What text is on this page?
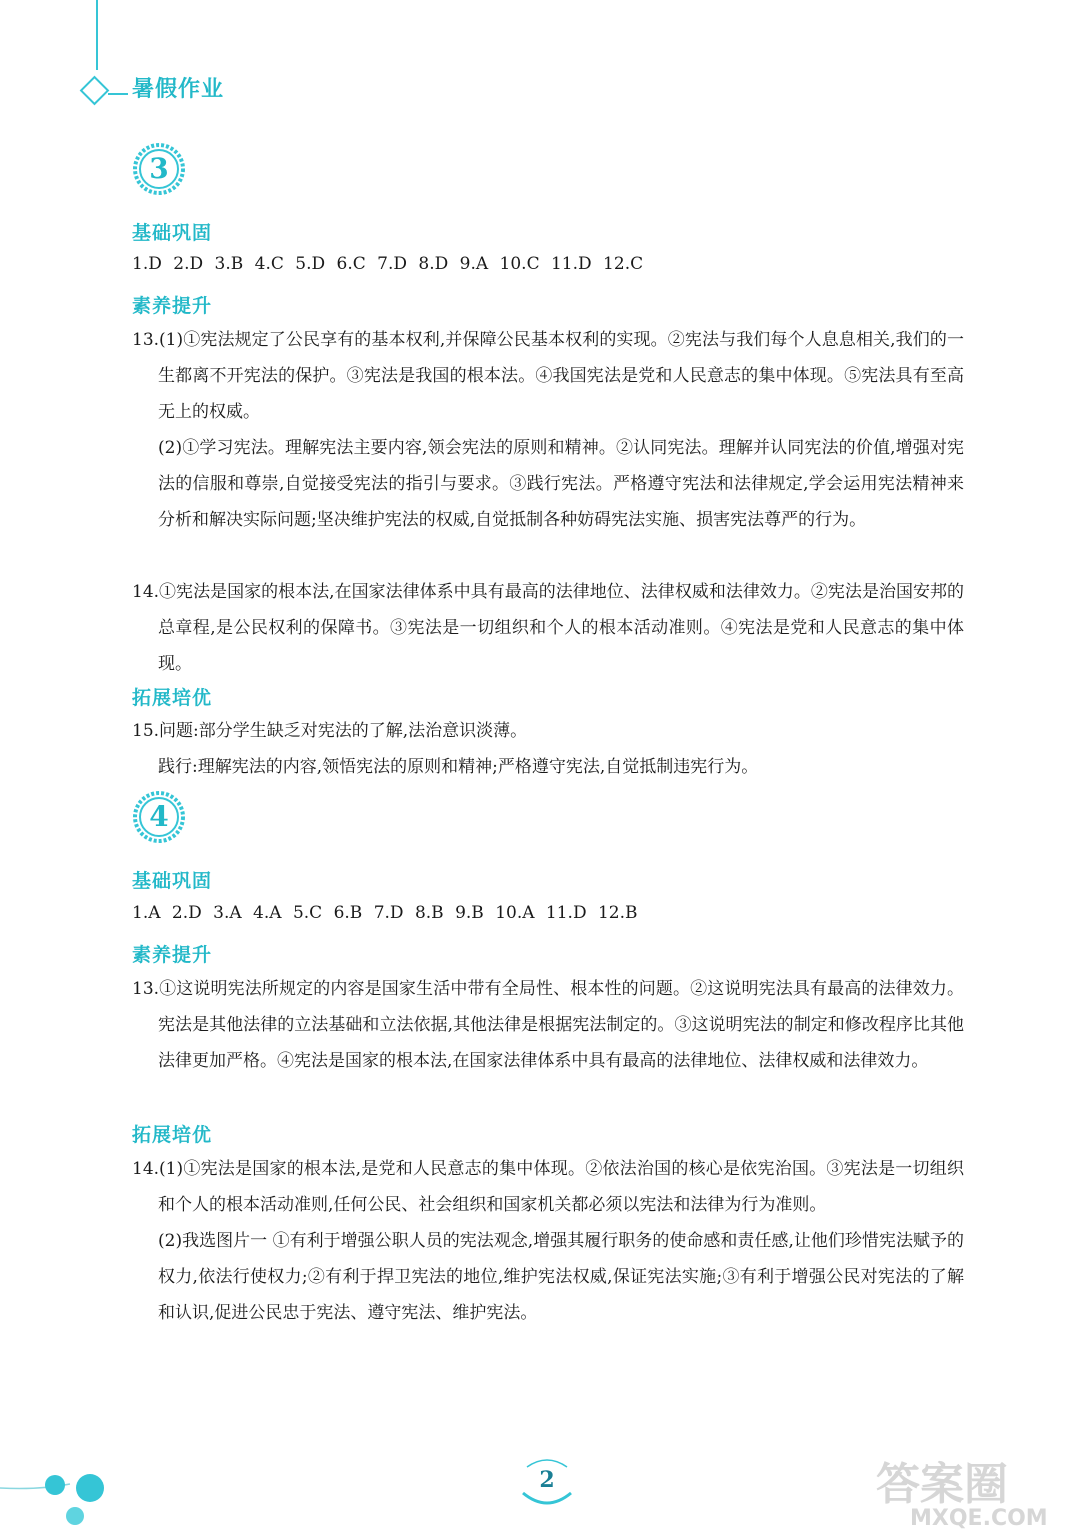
暑假作业
3
基础巩固
1.D 2.D 3.B 4.C 5.D 6.C 7.D 8.D 9.A 10.C 11.D 12.C
素养提升
13.(1)①宪法规定了公民享有的基本权利,并保障公民基本权利的实现。②宪法与我们每个人息息相关,我们的一生都离不开宪法的保护。③宪法是我国的根本法。④我国宪法是党和人民意志的集中体现。⑤宪法具有至高无上的权威。
(2)①学习宪法。理解宪法主要内容,领会宪法的原则和精神。②认同宪法。理解并认同宪法的价值,增强对宪法的信服和尊崇,自觉接受宪法的指引与要求。③践行宪法。严格遵守宪法和法律规定,学会运用宪法精神来分析和解决实际问题;坚决维护宪法的权威,自觉抵制各种妨碍宪法实施、损害宪法尊严的行为。
14.①宪法是国家的根本法,在国家法律体系中具有最高的法律地位、法律权威和法律效力。②宪法是治国安邦的总章程,是公民权利的保障书。③宪法是一切组织和个人的根本活动准则。④宪法是党和人民意志的集中体现。
拓展培优
15.问题:部分学生缺乏对宪法的了解,法治意识淡薄。
践行:理解宪法的内容,领悟宪法的原则和精神;严格遵守宪法,自觉抵制违宪行为。
4
基础巩固
1.A 2.D 3.A 4.A 5.C 6.B 7.D 8.B 9.B 10.A 11.D 12.B
素养提升
13.①这说明宪法所规定的内容是国家生活中带有全局性、根本性的问题。②这说明宪法具有最高的法律效力。宪法是其他法律的立法基础和立法依据,其他法律是根据宪法制定的。③这说明宪法的制定和修改程序比其他法律更加严格。④宪法是国家的根本法,在国家法律体系中具有最高的法律地位、法律权威和法律效力。
拓展培优
14.(1)①宪法是国家的根本法,是党和人民意志的集中体现。②依法治国的核心是依宪治国。③宪法是一切组织和个人的根本活动准则,任何公民、社会组织和国家机关都必须以宪法和法律为行为准则。
(2)我选图片一 ①有利于增强公职人员的宪法观念,增强其履行职务的使命感和责任感,让他们珍惜宪法赋予的权力,依法行使权力;②有利于捍卫宪法的地位,维护宪法权威,保证宪法实施;③有利于增强公民对宪法的了解和认识,促进公民忠于宪法、遵守宪法、维护宪法。
2	答案圈
MXQE.COM
